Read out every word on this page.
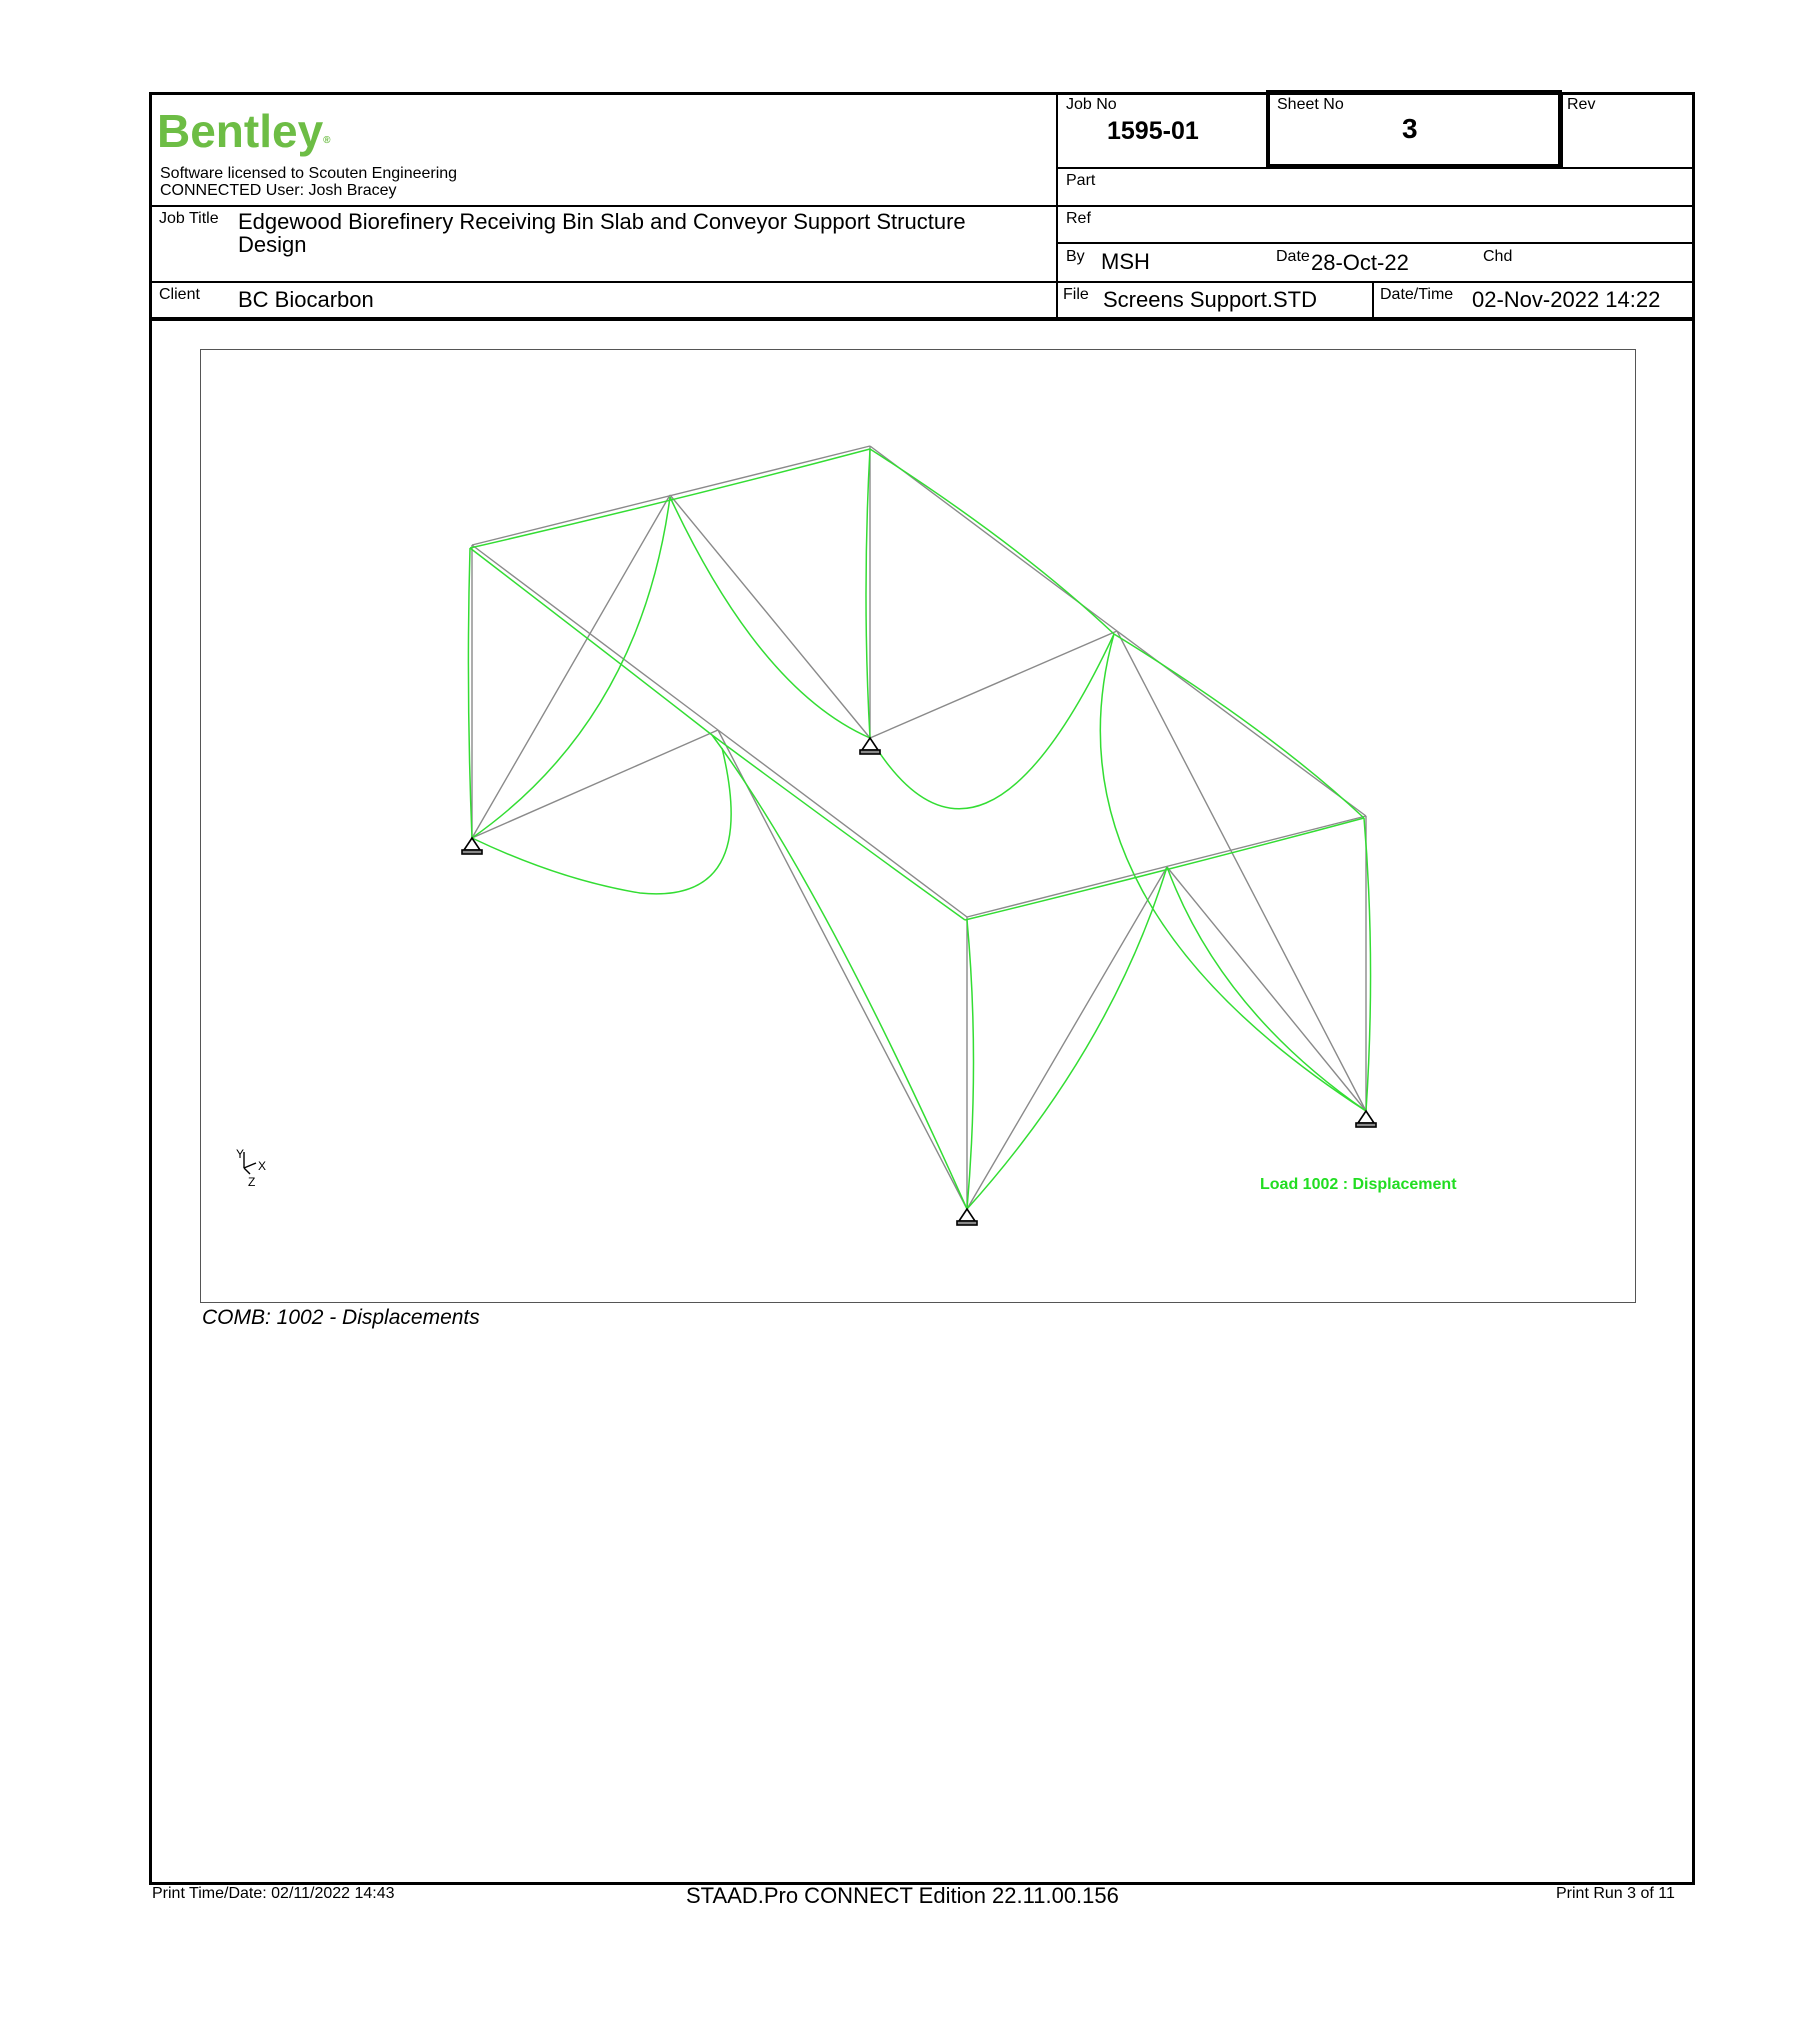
Bentley®
Software licensed to Scouten Engineering
CONNECTED User: Josh Bracey
Job No
1595-01
Sheet No
3
Rev
Part
Ref
By MSH	Date 28-Oct-22	Chd
Job Title Edgewood Biorefinery Receiving Bin Slab and Conveyor Support Structure
Design
Client BC Biocarbon	File Screens Support.STD	Date/Time 02-Nov-2022 14:22
Y
X
Z	Load 1002 : Displacement
COMB: 1002 - Displacements
Print Time/Date: 02/11/2022 14:43	STAAD.Pro CONNECT Edition 22.11.00.156	Print Run 3 of 11
